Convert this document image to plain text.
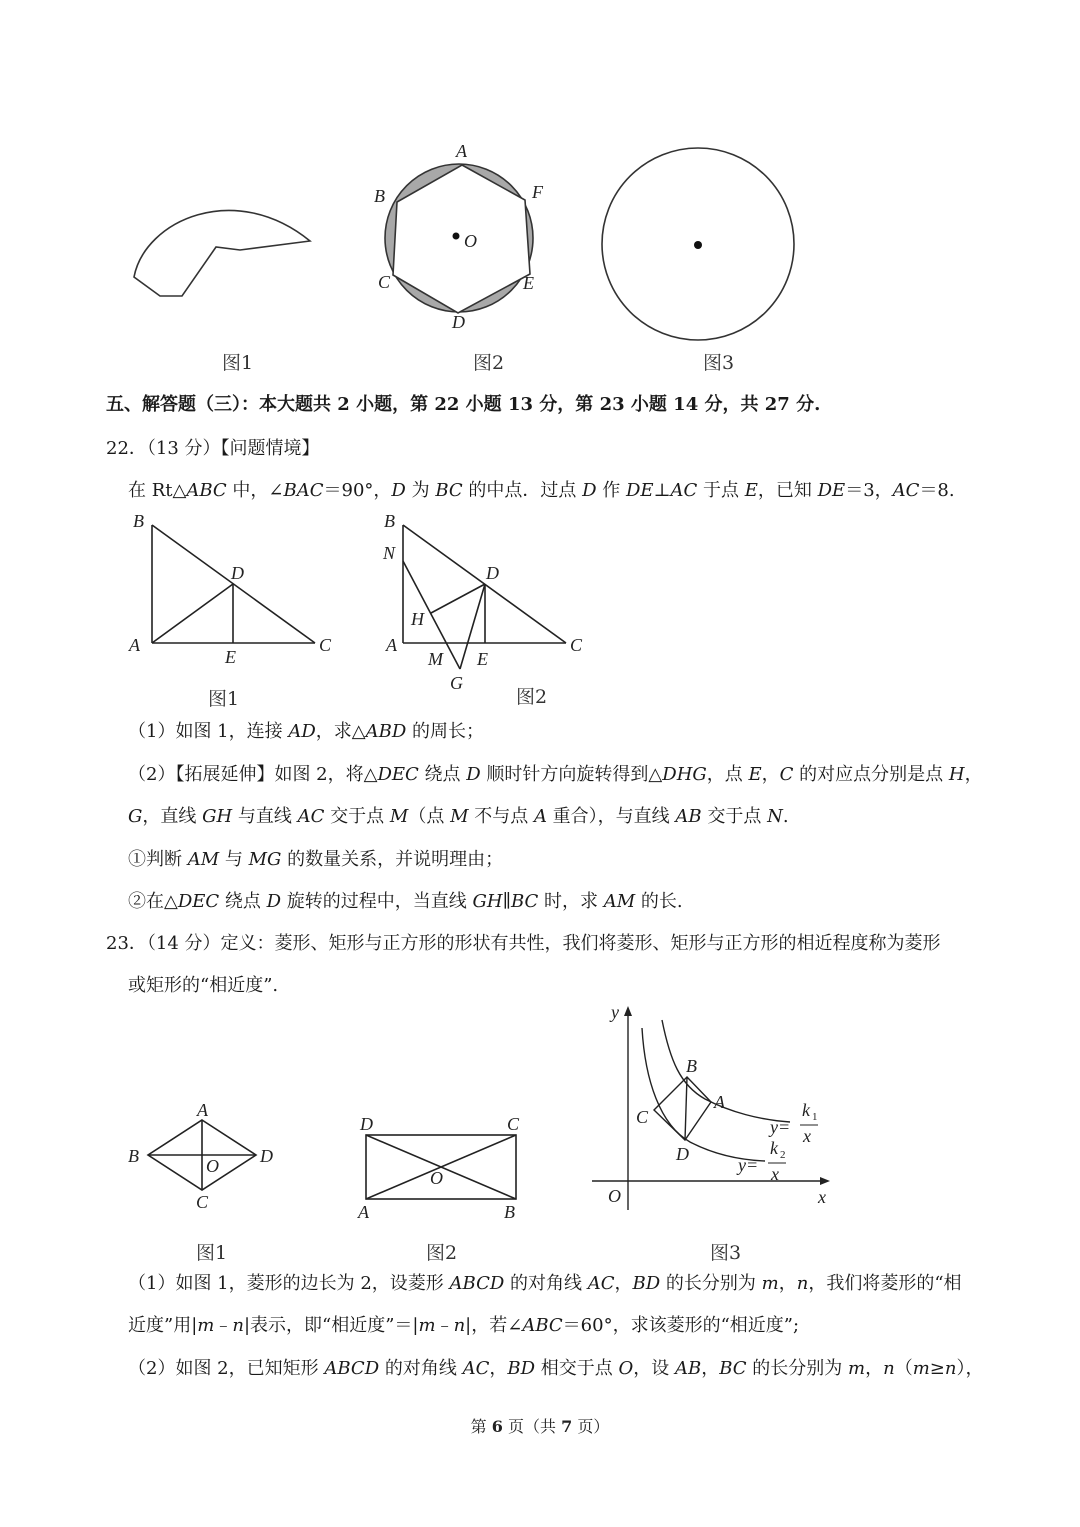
图1
A
F
B
O
C	E
D
图2	图3
五、解答题（三）：本大题共 2 小题，第 22 小题 13 分，第 23 小题 14 分，共 27 分.
22．（13 分）【问题情境】
在 Rt△ABC 中，∠BAC＝90°，D 为 BC 的中点．过点 D 作 DE⊥AC 于点 E，已知 DE＝3，AC＝8.
B
D
A	C
E
图1
B
N
D
H
A	C
M E
G
图2
（1）如图 1，连接 AD，求△ABD 的周长；
（2）【拓展延伸】如图 2，将△DEC 绕点 D 顺时针方向旋转得到△DHG，点 E，C 的对应点分别是点 H，
G，直线 GH 与直线 AC 交于点 M（点 M 不与点 A 重合），与直线 AB 交于点 N.
①判断 AM 与 MG 的数量关系，并说明理由；
②在△DEC 绕点 D 旋转的过程中，当直线 GH∥BC 时，求 AM 的长.
23．（14 分）定义：菱形、矩形与正方形的形状有共性，我们将菱形、矩形与正方形的相近程度称为菱形
或矩形的“相近度”.
A
B	O D
C
图1
D	C
O
A	B
图2
y
x
O
B
A
C
D
y=
k 1
x
y=
k 2
x
图3
（1）如图 1，菱形的边长为 2，设菱形 ABCD 的对角线 AC，BD 的长分别为 m，n，我们将菱形的“相
近度”用|m﹣n|表示，即“相近度”＝|m﹣n|，若∠ABC＝60°，求该菱形的“相近度”;
（2）如图 2，已知矩形 ABCD 的对角线 AC，BD 相交于点 O，设 AB，BC 的长分别为 m，n（m≥n），
第 6 页（共 7 页）
